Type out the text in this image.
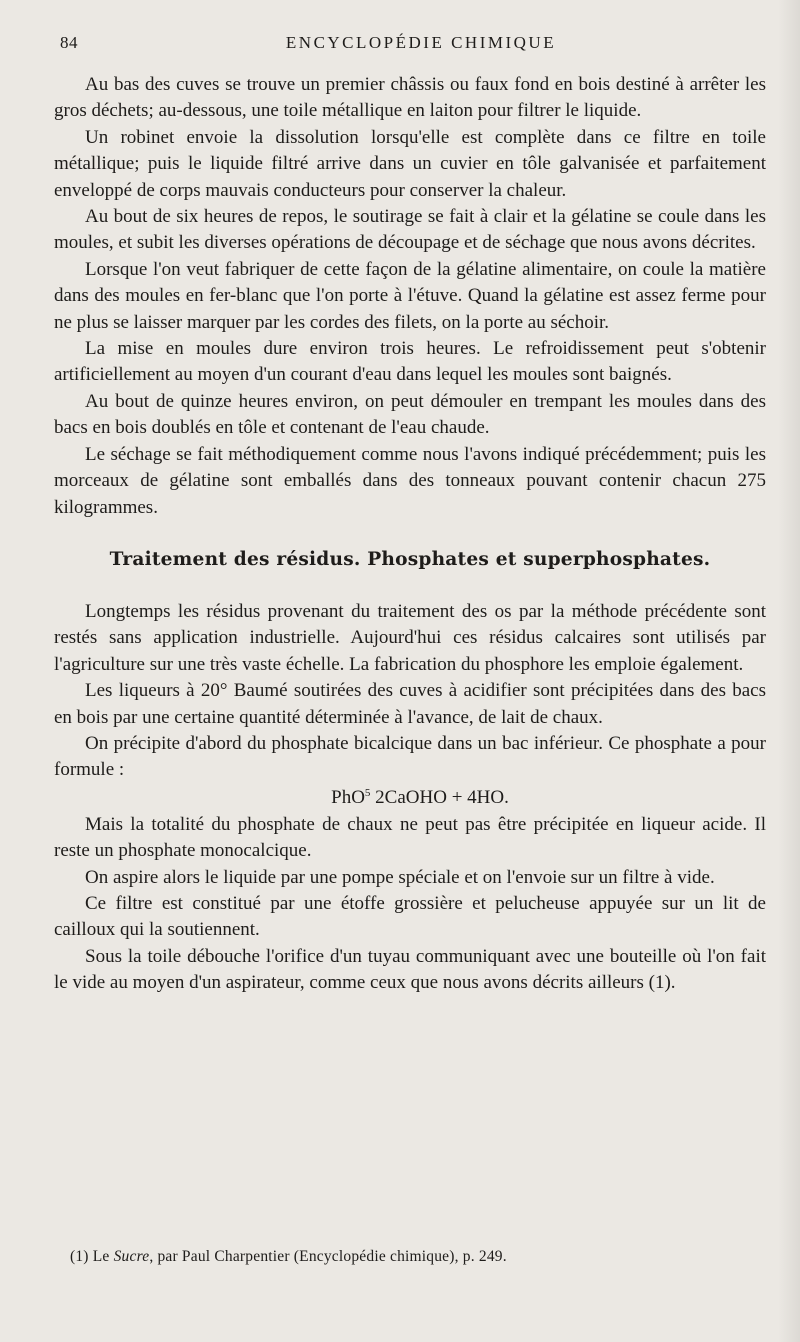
84	ENCYCLOPÉDIE CHIMIQUE

Au bas des cuves se trouve un premier châssis ou faux fond en bois destiné à arrêter les gros déchets; au-dessous, une toile métallique en laiton pour filtrer le liquide.

Un robinet envoie la dissolution lorsqu'elle est complète dans ce filtre en toile métallique; puis le liquide filtré arrive dans un cuvier en tôle galvanisée et parfaitement enveloppé de corps mauvais conducteurs pour conserver la chaleur.

Au bout de six heures de repos, le soutirage se fait à clair et la gélatine se coule dans les moules, et subit les diverses opérations de découpage et de séchage que nous avons décrites.

Lorsque l'on veut fabriquer de cette façon de la gélatine alimentaire, on coule la matière dans des moules en fer-blanc que l'on porte à l'étuve. Quand la gélatine est assez ferme pour ne plus se laisser marquer par les cordes des filets, on la porte au séchoir.

La mise en moules dure environ trois heures. Le refroidissement peut s'obtenir artificiellement au moyen d'un courant d'eau dans lequel les moules sont baignés.

Au bout de quinze heures environ, on peut démouler en trempant les moules dans des bacs en bois doublés en tôle et contenant de l'eau chaude.

Le séchage se fait méthodiquement comme nous l'avons indiqué précédemment; puis les morceaux de gélatine sont emballés dans des tonneaux pouvant contenir chacun 275 kilogrammes.

Traitement des résidus. Phosphates et superphosphates.

Longtemps les résidus provenant du traitement des os par la méthode précédente sont restés sans application industrielle. Aujourd'hui ces résidus calcaires sont utilisés par l'agriculture sur une très vaste échelle. La fabrication du phosphore les emploie également.

Les liqueurs à 20° Baumé soutirées des cuves à acidifier sont précipitées dans des bacs en bois par une certaine quantité déterminée à l'avance, de lait de chaux.

On précipite d'abord du phosphate bicalcique dans un bac inférieur. Ce phosphate a pour formule :

PhO$^5$ 2CaOHO + 4HO.

Mais la totalité du phosphate de chaux ne peut pas être précipitée en liqueur acide. Il reste un phosphate monocalcique.

On aspire alors le liquide par une pompe spéciale et on l'envoie sur un filtre à vide.

Ce filtre est constitué par une étoffe grossière et pelucheuse appuyée sur un lit de cailloux qui la soutiennent.

Sous la toile débouche l'orifice d'un tuyau communiquant avec une bouteille où l'on fait le vide au moyen d'un aspirateur, comme ceux que nous avons décrits ailleurs (1).

(1) Le Sucre, par Paul Charpentier (Encyclopédie chimique), p. 249.
